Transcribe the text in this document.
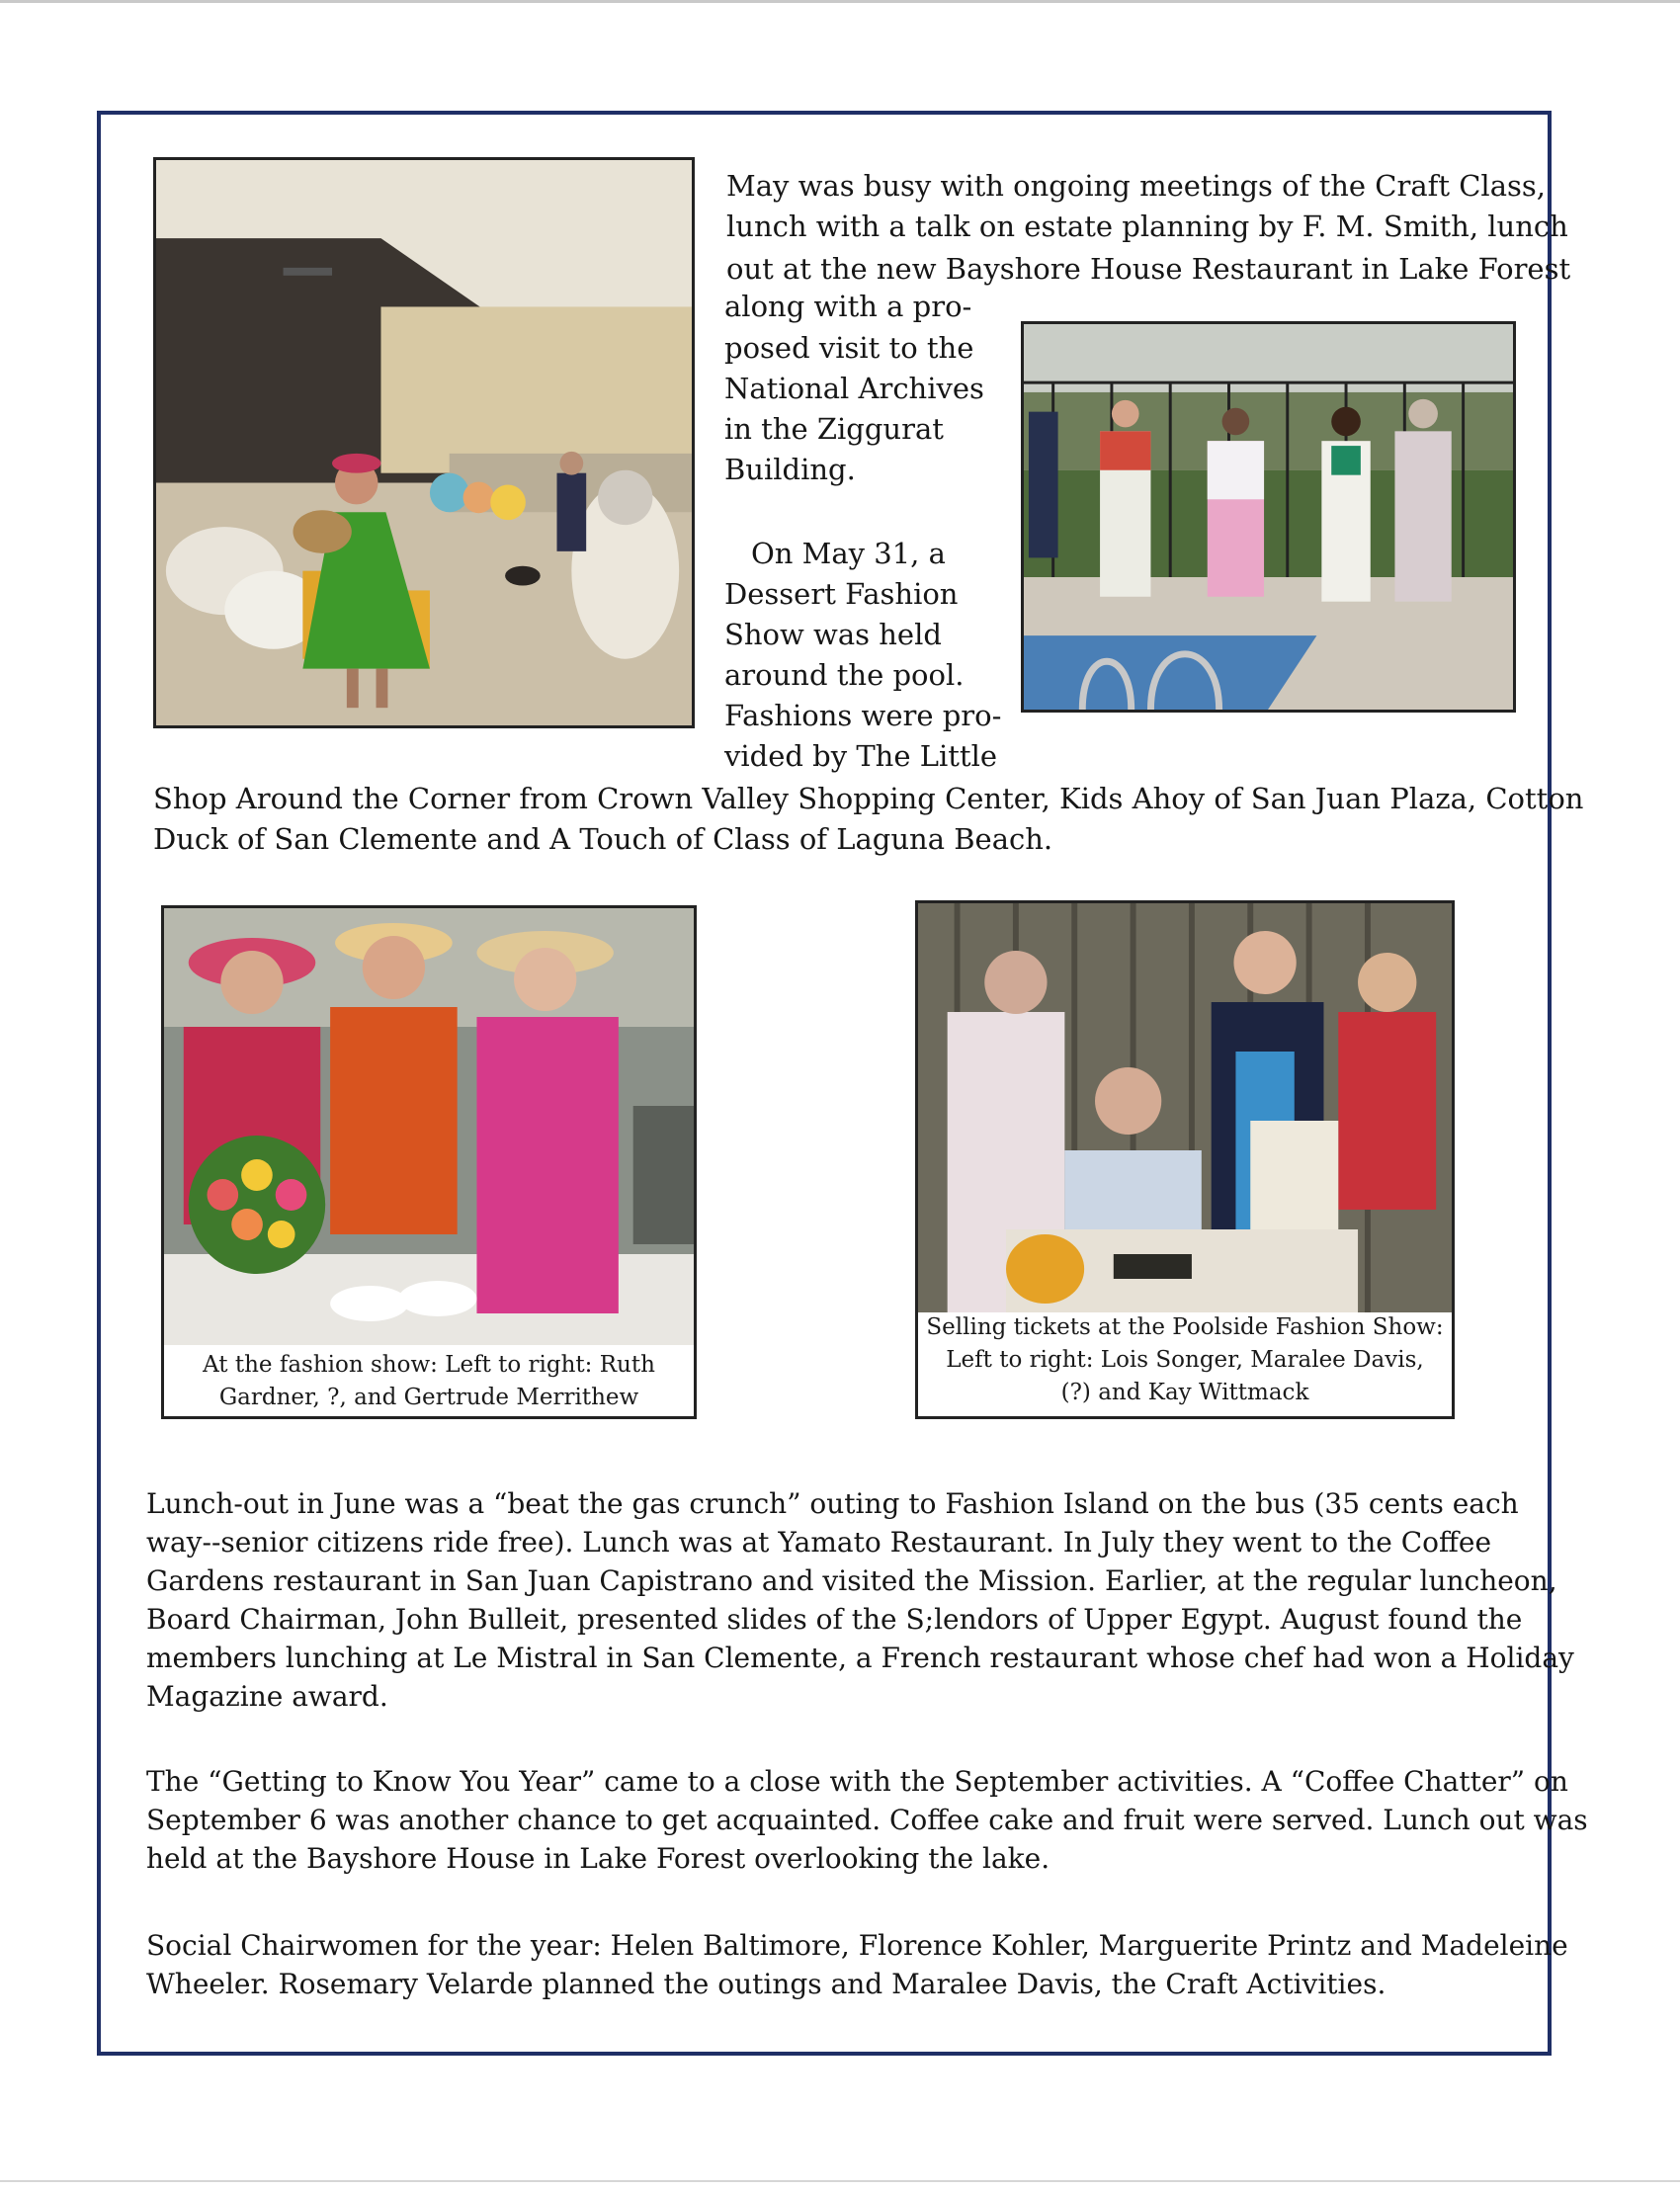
At the fashion show: Left to right: Ruth
Gardner, ?, and Gertrude Merrithew
Selling tickets at the Poolside Fashion Show:
Left to right: Lois Songer, Maralee Davis,
(?) and Kay Wittmack

May was busy with ongoing meetings of the Craft Class,

lunch with a talk on estate planning by F. M. Smith, lunch

out at the new Bayshore House Restaurant in Lake Forest

along with a pro-

posed visit to the

National Archives

in the Ziggurat

Building.

On May 31, a

Dessert Fashion

Show was held

around the pool.

Fashions were pro-

vided by The Little

Shop Around the Corner from Crown Valley Shopping Center, Kids Ahoy of San Juan Plaza, Cotton

Duck of San Clemente and A Touch of Class of Laguna Beach.

Lunch-out in June was a “beat the gas crunch” outing to Fashion Island on the bus (35 cents each

way--senior citizens ride free). Lunch was at Yamato Restaurant. In July they went to the Coffee

Gardens restaurant in San Juan Capistrano and visited the Mission. Earlier, at the regular luncheon,

Board Chairman, John Bulleit, presented slides of the S;lendors of Upper Egypt. August found the

members lunching at Le Mistral in San Clemente, a French restaurant whose chef had won a Holiday

Magazine award.

The “Getting to Know You Year” came to a close with the September activities. A “Coffee Chatter” on

September 6 was another chance to get acquainted. Coffee cake and fruit were served. Lunch out was

held at the Bayshore House in Lake Forest overlooking the lake.

Social Chairwomen for the year: Helen Baltimore, Florence Kohler, Marguerite Printz and Madeleine

Wheeler. Rosemary Velarde planned the outings and Maralee Davis, the Craft Activities.
